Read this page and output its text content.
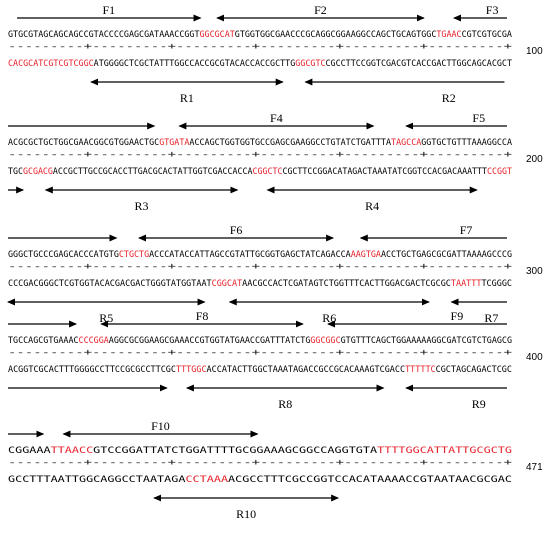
F1	F2	F3
GTGCGTAGCAGCAGCCGTACCCCGAGCGATAAACCGGTGGCGCATGTGGTGGCGAACCCGCAGGCGGAAGGCCAGCTGCAGTGGCTGAACCGTCGTGCGA
---------+---------+---------+---------+---------+---------+ 100
CACGCATCGTCGTCGGCATGGGGCTCGCTATTTGGCCACCGCGTACACCACCGCTTGGGCGTCCGCCTTCCGGTCGACGTCACCGACTTGGCAGCACGCT
R1	R2
F4	F5
ACGCGCTGCTGGCGAACGGCGTGGAACTGCGTGATAACCAGCTGGTGGTGCCGAGCGAAGGCCTGTATCTGATTTATAGCCAGGTGCTGTTTAAAGGCCA
---------+---------+---------+---------+---------+---------+ 200
TGCGCGACGACCGCTTGCCGCACCTTGACGCACTATTGGTCGACCACCACGGCTCCGCTTCCGGACATAGACTAAATATCGGTCCACGACAAATTTCCGGT
R3	R4
F6	F7
GGGCTGCCCGAGCACCCATGTGCTGCTGACCCATACCATTAGCCGTATTGCGGTGAGCTATCAGACCAAAGTGAACCTGCTGAGCGCGATTAAAAGCCCG
---------+---------+---------+---------+---------+---------+ 300
CCCGACGGGCTCGTGGTACACGACGACTGGGTATGGTAATCGGCATAACGCCACTCGATAGTCTGGTTTCACTTGGACGACTCGCGCTAATTTTCGGGC
R5	R6	R7
F8	F9
TGCCAGCGTGAAACCCCGGAAGGCGCGGAAGCGAAACCGTGGTATGAACCGATTTATCTGGGCGGCGTGTTTCAGCTGGAAAAAGGCGATCGTCTGAGCG
---------+---------+---------+---------+---------+---------+ 400
ACGGTCGCACTTTGGGGCCTTCCGCGCCTTCGCTTTGGCACCATACTTGGCTAAATAGACCGCCGCACAAAGTCGACCTTTTTCCGCTAGCAGACTCGC
R8	R9
F10
CGGAAA TTAACC GTCCGGATTATCTGGATTTTGCGGAAAGCGGCCAGGTGTA	TTTTGGCATTATTGCGCTG
---------+---------+---------+---------+---------+---------+ 471
GCCTTTAATTGGCAGGCCTAATAGA	CCTAAA ACGCCTTTCGCCGGTCCACATAAAACCGTAATAACGCGAC
R10
